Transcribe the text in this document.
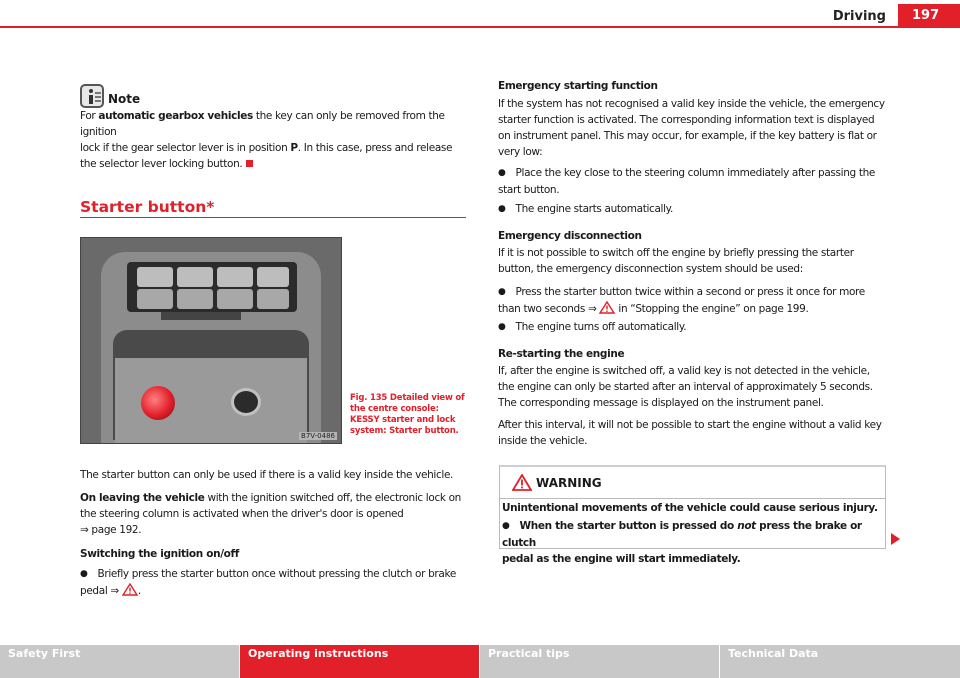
Driving	197
Note
For automatic gearbox vehicles the key can only be removed from the ignition
lock if the gear selector lever is in position P. In this case, press and release
the selector lever locking button.
Starter button*
B7V-0486
Fig. 135 Detailed view of the centre console: KESSY starter and lock system: Starter button.
The starter button can only be used if there is a valid key inside the vehicle.
On leaving the vehicle with the ignition switched off, the electronic lock on
the steering column is activated when the driver's door is opened
⇒ page 192.
Switching the ignition on/off
● Briefly press the starter button once without pressing the clutch or brake
pedal ⇒ .
Emergency starting function
If the system has not recognised a valid key inside the vehicle, the emergency
starter function is activated. The corresponding information text is displayed
on instrument panel. This may occur, for example, if the key battery is flat or
very low:
● Place the key close to the steering column immediately after passing the
start button.
● The engine starts automatically.
Emergency disconnection
If it is not possible to switch off the engine by briefly pressing the starter
button, the emergency disconnection system should be used:
● Press the starter button twice within a second or press it once for more
than two seconds ⇒ in “Stopping the engine” on page 199.
● The engine turns off automatically.
Re-starting the engine
If, after the engine is switched off, a valid key is not detected in the vehicle,
the engine can only be started after an interval of approximately 5 seconds.
The corresponding message is displayed on the instrument panel.
After this interval, it will not be possible to start the engine without a valid key
inside the vehicle.
WARNING
Unintentional movements of the vehicle could cause serious injury.
● When the starter button is pressed do not press the brake or clutch
pedal as the engine will start immediately.
Safety First	Operating instructions	Practical tips	Technical Data
